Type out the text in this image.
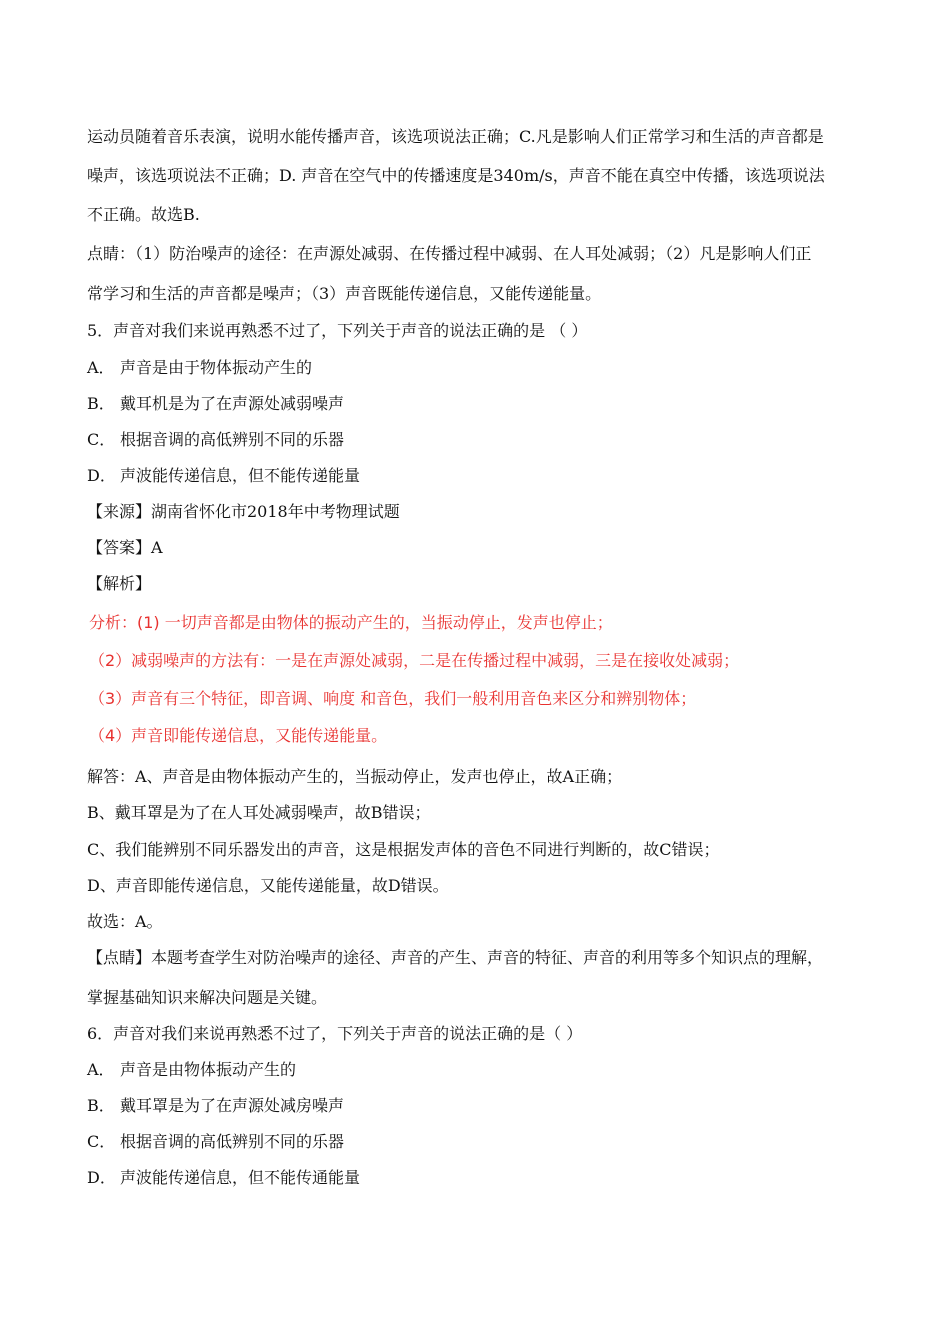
运动员随着音乐表演，说明水能传播声音，该选项说法正确；C.凡是影响人们正常学习和生活的声音都是
噪声，该选项说法不正确；D. 声音在空气中的传播速度是340m/s，声音不能在真空中传播，该选项说法
不正确。故选B.
点睛：（1）防治噪声的途径：在声源处减弱、在传播过程中减弱、在人耳处减弱；（2）凡是影响人们正
常学习和生活的声音都是噪声；（3）声音既能传递信息，又能传递能量。
5．声音对我们来说再熟悉不过了，下列关于声音的说法正确的是 （ ）
A． 声音是由于物体振动产生的
B． 戴耳机是为了在声源处减弱噪声
C． 根据音调的高低辨别不同的乐器
D． 声波能传递信息，但不能传递能量
【来源】湖南省怀化市2018年中考物理试题
【答案】A
【解析】
分析：(1) 一切声音都是由物体的振动产生的，当振动停止，发声也停止；
（2）减弱噪声的方法有：一是在声源处减弱，二是在传播过程中减弱，三是在接收处减弱；
（3）声音有三个特征，即音调、响度 和音色，我们一般利用音色来区分和辨别物体；
（4）声音即能传递信息，又能传递能量。
解答：A、声音是由物体振动产生的，当振动停止，发声也停止，故A正确；
B、戴耳罩是为了在人耳处减弱噪声，故B错误；
C、我们能辨别不同乐器发出的声音，这是根据发声体的音色不同进行判断的，故C错误；
D、声音即能传递信息，又能传递能量，故D错误。
故选：A。
【点睛】本题考查学生对防治噪声的途径、声音的产生、声音的特征、声音的利用等多个知识点的理解，
掌握基础知识来解决问题是关键。
6．声音对我们来说再熟悉不过了，下列关于声音的说法正确的是（ ）
A． 声音是由物体振动产生的
B． 戴耳罩是为了在声源处减房噪声
C． 根据音调的高低辨别不同的乐器
D． 声波能传递信息，但不能传通能量
